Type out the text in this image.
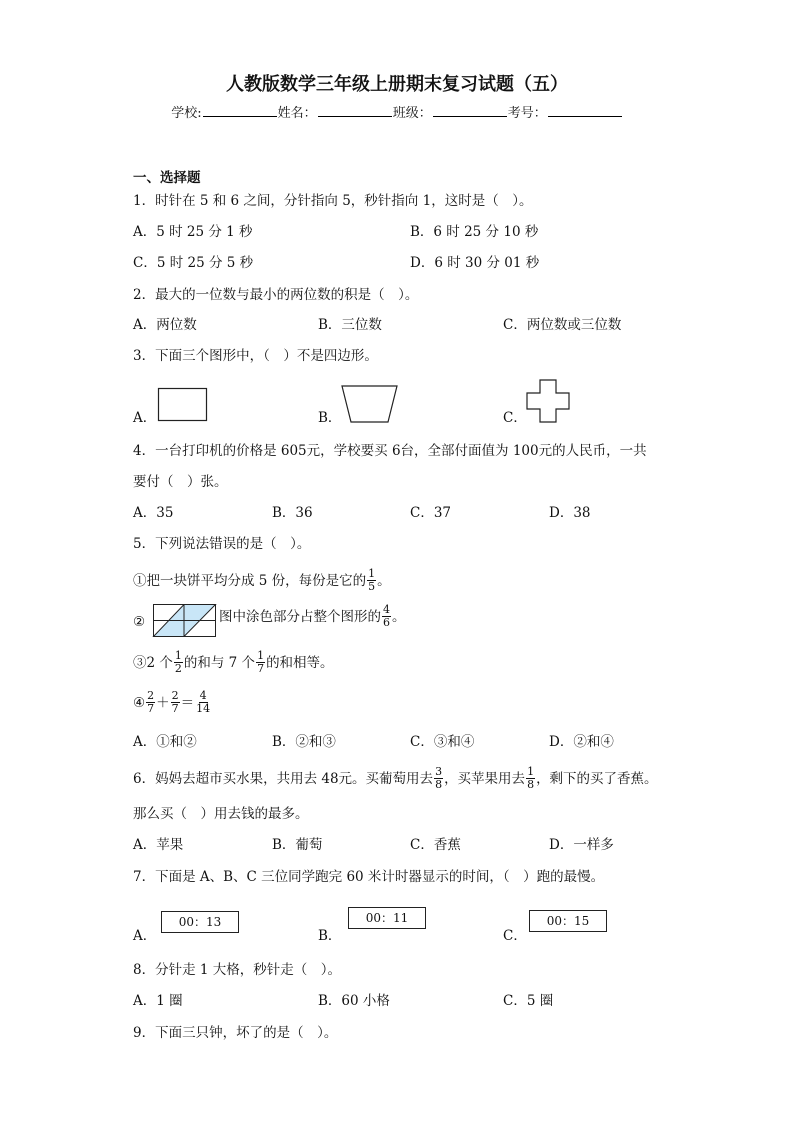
人教版数学三年级上册期末复习试题（五）
学校:	姓名：	班级：	考号：
一、选择题
1．时针在 5 和 6 之间，分针指向 5，秒针指向 1，这时是（　）。
A．5 时 25 分 1 秒	B．6 时 25 分 10 秒
C．5 时 25 分 5 秒	D．6 时 30 分 01 秒
2．最大的一位数与最小的两位数的积是（　）。
A．两位数	B．三位数	C．两位数或三位数
3．下面三个图形中，（　）不是四边形。
A．	B．	C．
4．一台打印机的价格是 605元，学校要买 6台，全部付面值为 100元的人民币，一共
要付（　）张。
A．35	B．36	C．37	D．38
5．下列说法错误的是（　）。
①把一块饼平均分成 5 份，每份是它的 $\frac{1}{5}$ 。
②	图中涂色部分占整个图形的 $\frac{4}{6}$ 。
③2 个 $\frac{1}{2}$ 的和与 7 个 $\frac{1}{7}$ 的和相等。
④ $\frac{2}{7} + \frac{2}{7} = \frac{4}{14}$
A．①和②	B．②和③	C．③和④	D．②和④
6．妈妈去超市买水果，共用去 48元。买葡萄用去 $\frac{3}{8}$ ，买苹果用去 $\frac{1}{8}$ ，剩下的买了香蕉。
那么买（　）用去钱的最多。
A．苹果	B．葡萄	C．香蕉	D．一样多
7．下面是 A、B、C 三位同学跑完 60 米计时器显示的时间，（　）跑的最慢。
A．
00：13
B．
00：11
C．
00：15
8．分针走 1 大格，秒针走（　）。
A．1 圈	B．60 小格	C．5 圈
9．下面三只钟，坏了的是（　）。
